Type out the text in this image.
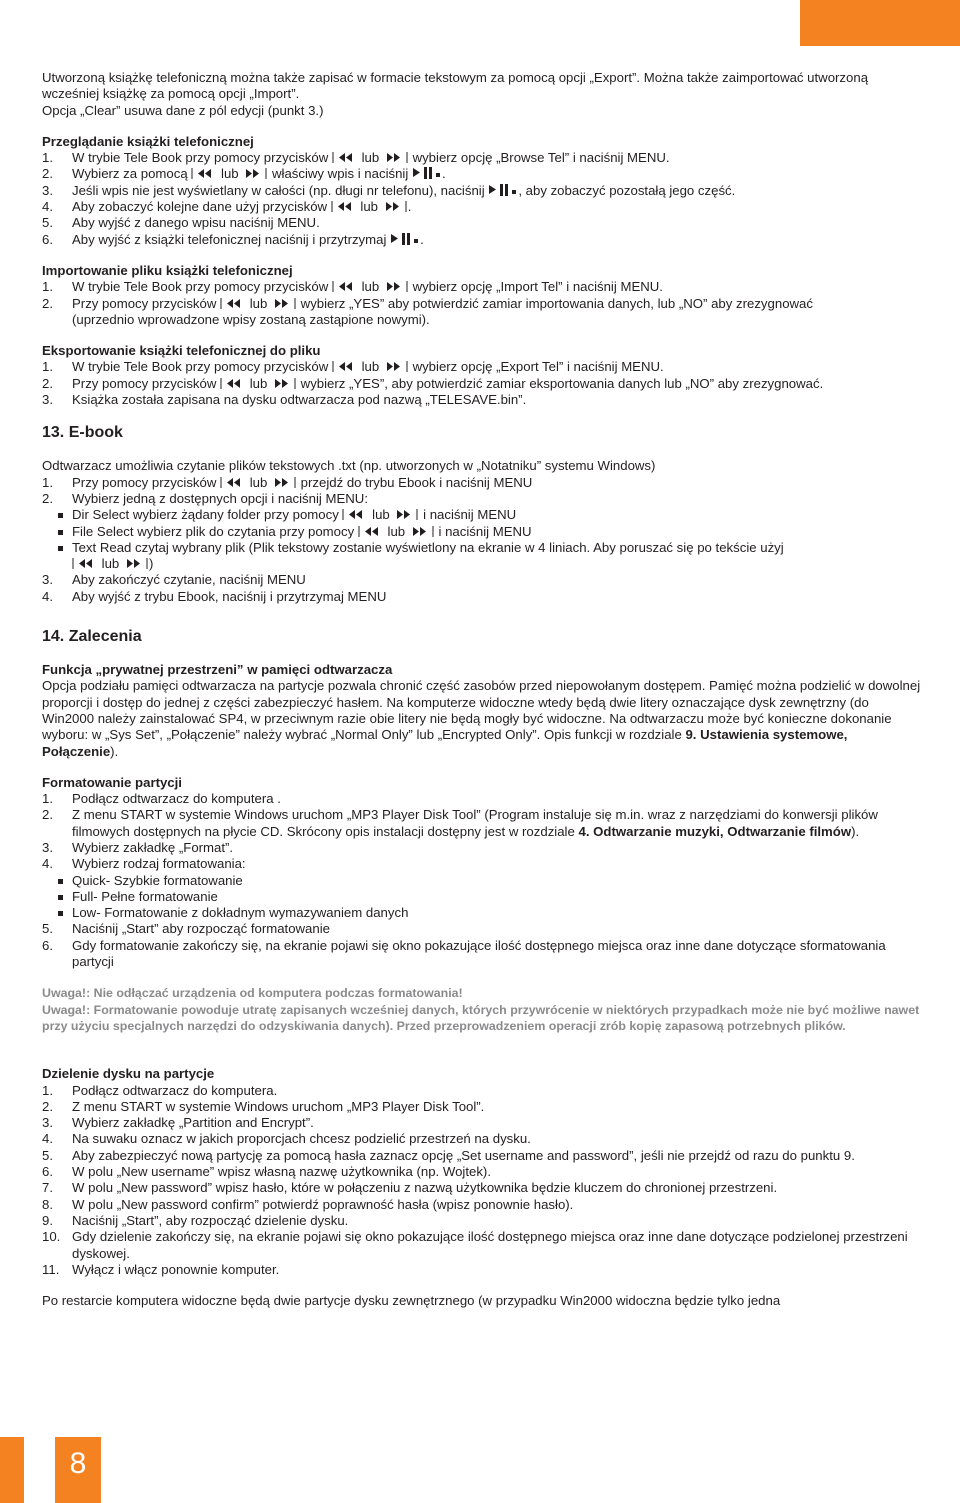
8

Utworzoną książkę telefoniczną można także zapisać w formacie tekstowym za pomocą opcji „Export”. Można także zaimportować utworzoną wcześniej książkę za pomocą opcji „Import”.

Opcja „Clear” usuwa dane z pól edycji (punkt 3.)

Przeglądanie książki telefonicznej

1.	W trybie Tele Book przy pomocy przycisków	lub	wybierz opcję „Browse Tel” i naciśnij MENU.
2.	Wybierz za pomocą	lub	właściwy wpis i naciśnij	.
3.	Jeśli wpis nie jest wyświetlany w całości (np. długi nr telefonu), naciśnij	, aby zobaczyć pozostałą jego część.
4.	Aby zobaczyć kolejne dane użyj przycisków	lub .
5.	Aby wyjść z danego wpisu naciśnij MENU.
6.	Aby wyjść z książki telefonicznej naciśnij i przytrzymaj	.

Importowanie pliku książki telefonicznej

1.	W trybie Tele Book przy pomocy przycisków	lub	wybierz opcję „Import Tel” i naciśnij MENU.
2.	Przy pomocy przycisków	lub	wybierz „YES” aby potwierdzić zamiar importowania danych, lub „NO” aby zrezygnować
(uprzednio wprowadzone wpisy zostaną zastąpione nowymi).

Eksportowanie książki telefonicznej do pliku

1.	W trybie Tele Book przy pomocy przycisków	lub	wybierz opcję „Export Tel” i naciśnij MENU.
2.	Przy pomocy przycisków	lub	wybierz „YES”, aby potwierdzić zamiar eksportowania danych lub „NO” aby zrezygnować.
3.	Książka została zapisana na dysku odtwarzacza pod nazwą „TELESAVE.bin”.

13. E-book

Odtwarzacz umożliwia czytanie plików tekstowych .txt (np. utworzonych w „Notatniku” systemu Windows)

1.	Przy pomocy przycisków	lub	przejdź do trybu Ebook i naciśnij MENU
2.	Wybierz jedną z dostępnych opcji i naciśnij MENU:
Dir Select wybierz żądany folder przy pomocy	lub	i naciśnij MENU
File Select wybierz plik do czytania przy pomocy	lub	i naciśnij MENU
Text Read czytaj wybrany plik (Plik tekstowy zostanie wyświetlony na ekranie w 4 liniach. Aby poruszać się po tekście użyj
lub )
3.	Aby zakończyć czytanie, naciśnij MENU
4.	Aby wyjść z trybu Ebook, naciśnij i przytrzymaj MENU

14. Zalecenia

Funkcja „prywatnej przestrzeni” w pamięci odtwarzacza

Opcja podziału pamięci odtwarzacza na partycje pozwala chronić część zasobów przed niepowołanym dostępem. Pamięć można podzielić w dowolnej proporcji i dostęp do jednej z części zabezpieczyć hasłem. Na komputerze widoczne wtedy będą dwie litery oznaczające dysk zewnętrzny (do Win2000 należy zainstalować SP4, w przeciwnym razie obie litery nie będą mogły być widoczne. Na odtwarzaczu może być konieczne dokonanie wyboru: w „Sys Set”, „Połączenie” należy wybrać „Normal Only” lub „Encrypted Only”. Opis funkcji w rozdziale 9. Ustawienia systemowe, Połączenie).

Formatowanie partycji

1.	Podłącz odtwarzacz do komputera .
2.	Z menu START w systemie Windows uruchom „MP3 Player Disk Tool” (Program instaluje się m.in. wraz z narzędziami do konwersji plików filmowych dostępnych na płycie CD. Skrócony opis instalacji dostępny jest w rozdziale 4. Odtwarzanie muzyki, Odtwarzanie filmów).
3.	Wybierz zakładkę „Format”.
4.	Wybierz rodzaj formatowania:
Quick- Szybkie formatowanie
Full- Pełne formatowanie
Low- Formatowanie z dokładnym wymazywaniem danych
5.	Naciśnij „Start” aby rozpocząć formatowanie
6.	Gdy formatowanie zakończy się, na ekranie pojawi się okno pokazujące ilość dostępnego miejsca oraz inne dane dotyczące sformatowania partycji

Uwaga!: Nie odłączać urządzenia od komputera podczas formatowania!

Uwaga!: Formatowanie powoduje utratę zapisanych wcześniej danych, których przywrócenie w niektórych przypadkach może nie być możliwe nawet przy użyciu specjalnych narzędzi do odzyskiwania danych). Przed przeprowadzeniem operacji zrób kopię zapasową potrzebnych plików.

Dzielenie dysku na partycje

1.	Podłącz odtwarzacz do komputera.
2.	Z menu START w systemie Windows uruchom „MP3 Player Disk Tool”.
3.	Wybierz zakładkę „Partition and Encrypt”.
4.	Na suwaku oznacz w jakich proporcjach chcesz podzielić przestrzeń na dysku.
5.	Aby zabezpieczyć nową partycję za pomocą hasła zaznacz opcję „Set username and password”, jeśli nie przejdź od razu do punktu 9.
6.	W polu „New username” wpisz własną nazwę użytkownika (np. Wojtek).
7.	W polu „New password” wpisz hasło, które w połączeniu z nazwą użytkownika będzie kluczem do chronionej przestrzeni.
8.	W polu „New password confirm” potwierdź poprawność hasła (wpisz ponownie hasło).
9.	Naciśnij „Start”, aby rozpocząć dzielenie dysku.
10. Gdy dzielenie zakończy się, na ekranie pojawi się okno pokazujące ilość dostępnego miejsca oraz inne dane dotyczące podzielonej przestrzeni dyskowej.
11. Wyłącz i włącz ponownie komputer.

Po restarcie komputera widoczne będą dwie partycje dysku zewnętrznego (w przypadku Win2000 widoczna będzie tylko jedna
